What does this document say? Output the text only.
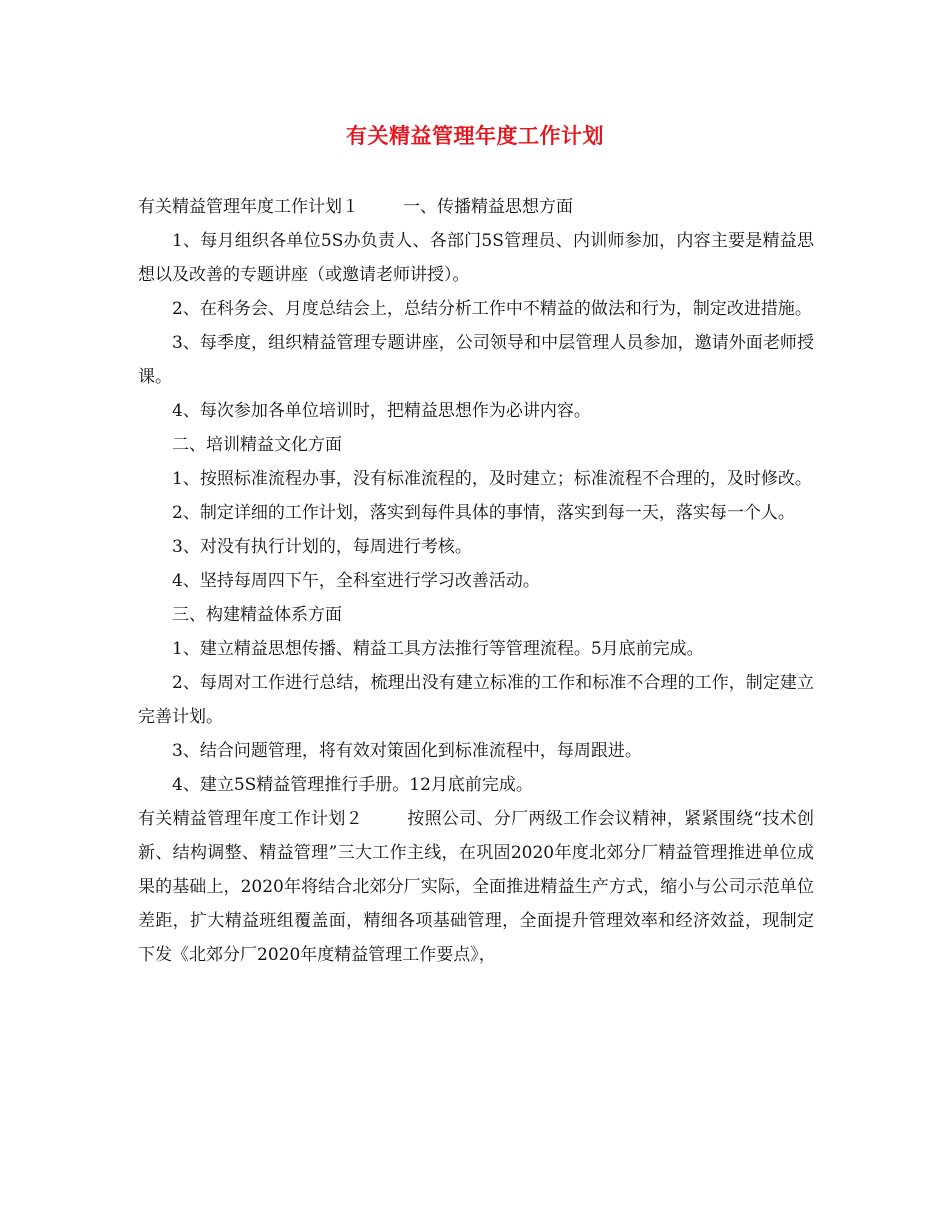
有关精益管理年度工作计划

有关精益管理年度工作计划１	一、传播精益思想方面

1、每月组织各单位5S办负责人、各部门5S管理员、内训师参加，内容主要是精益思想以及改善的专题讲座（或邀请老师讲授）。

2、在科务会、月度总结会上，总结分析工作中不精益的做法和行为，制定改进措施。

3、每季度，组织精益管理专题讲座，公司领导和中层管理人员参加，邀请外面老师授课。

4、每次参加各单位培训时，把精益思想作为必讲内容。

二、培训精益文化方面

1、按照标准流程办事，没有标准流程的，及时建立；标准流程不合理的，及时修改。

2、制定详细的工作计划，落实到每件具体的事情，落实到每一天，落实每一个人。

3、对没有执行计划的，每周进行考核。

4、坚持每周四下午，全科室进行学习改善活动。

三、构建精益体系方面

1、建立精益思想传播、精益工具方法推行等管理流程。5月底前完成。

2、每周对工作进行总结，梳理出没有建立标准的工作和标准不合理的工作，制定建立完善计划。

3、结合问题管理，将有效对策固化到标准流程中，每周跟进。

4、建立5S精益管理推行手册。12月底前完成。

有关精益管理年度工作计划２	按照公司、分厂两级工作会议精神，紧紧围绕“技术创新、结构调整、精益管理”三大工作主线，在巩固2020年度北郊分厂精益管理推进单位成果的基础上，2020年将结合北郊分厂实际，全面推进精益生产方式，缩小与公司示范单位差距，扩大精益班组覆盖面，精细各项基础管理，全面提升管理效率和经济效益，现制定下发《北郊分厂2020年度精益管理工作要点》，
